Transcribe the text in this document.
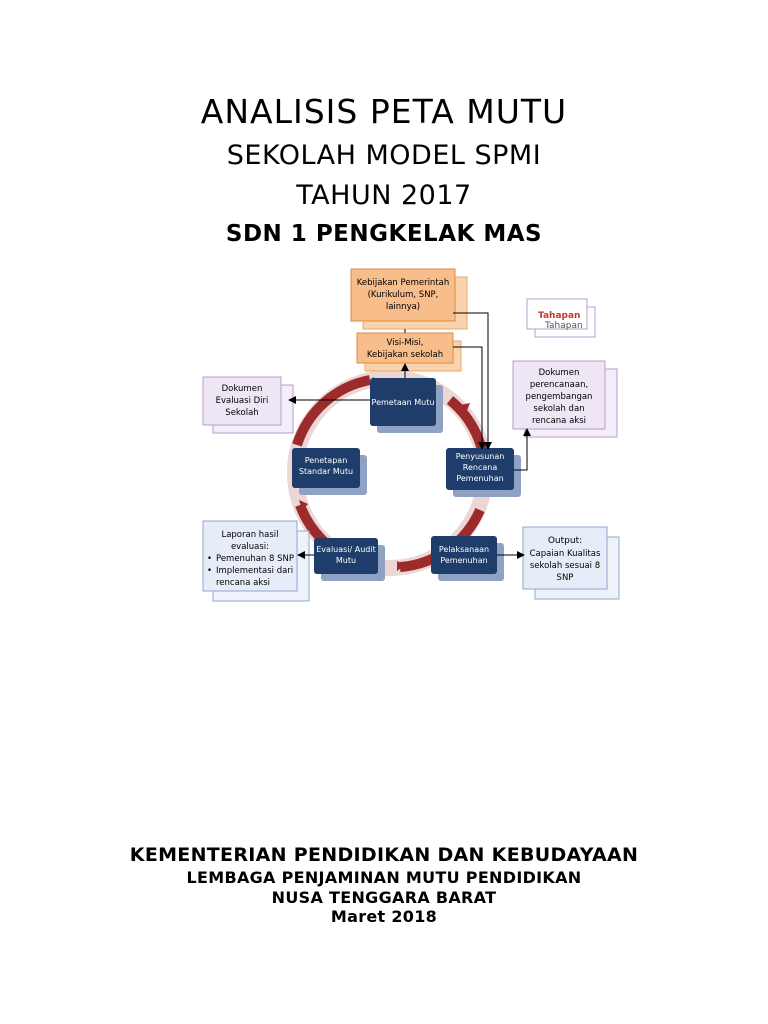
ANALISIS PETA MUTU
SEKOLAH MODEL SPMI
TAHUN 2017
SDN 1 PENGKELAK MAS
Kebijakan Pemerintah
(Kurikulum, SNP,
lainnya)
Visi-Misi,
Kebijakan sekolah
Tahapan
Tahapan
Dokumen
Evaluasi Diri
Sekolah
Dokumen
perencanaan,
pengembangan
sekolah dan
rencana aksi
Laporan hasil
evaluasi:
• Pemenuhan 8 SNP
• Implementasi dari
rencana aksi
Output:
Capaian Kualitas
sekolah sesuai 8
SNP
Pemetaan Mutu
Penyusunan
Rencana
Pemenuhan
Pelaksanaan
Pemenuhan
Evaluasi/ Audit
Mutu
Penetapan
Standar Mutu
KEMENTERIAN PENDIDIKAN DAN KEBUDAYAAN
LEMBAGA PENJAMINAN MUTU PENDIDIKAN
NUSA TENGGARA BARAT
Maret 2018
